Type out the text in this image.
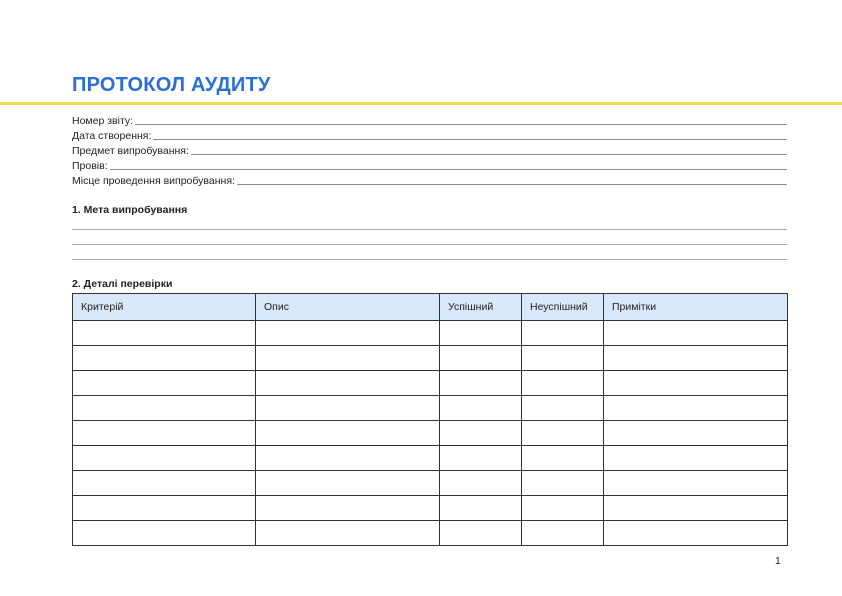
ПРОТОКОЛ АУДИТУ
Номер звіту:
Дата створення:
Предмет випробування:
Провів:
Місце проведення випробування:
1. Мета випробування
2. Деталі перевірки
Критерій	Опис	Успішний	Неуспішний	Примітки

1
